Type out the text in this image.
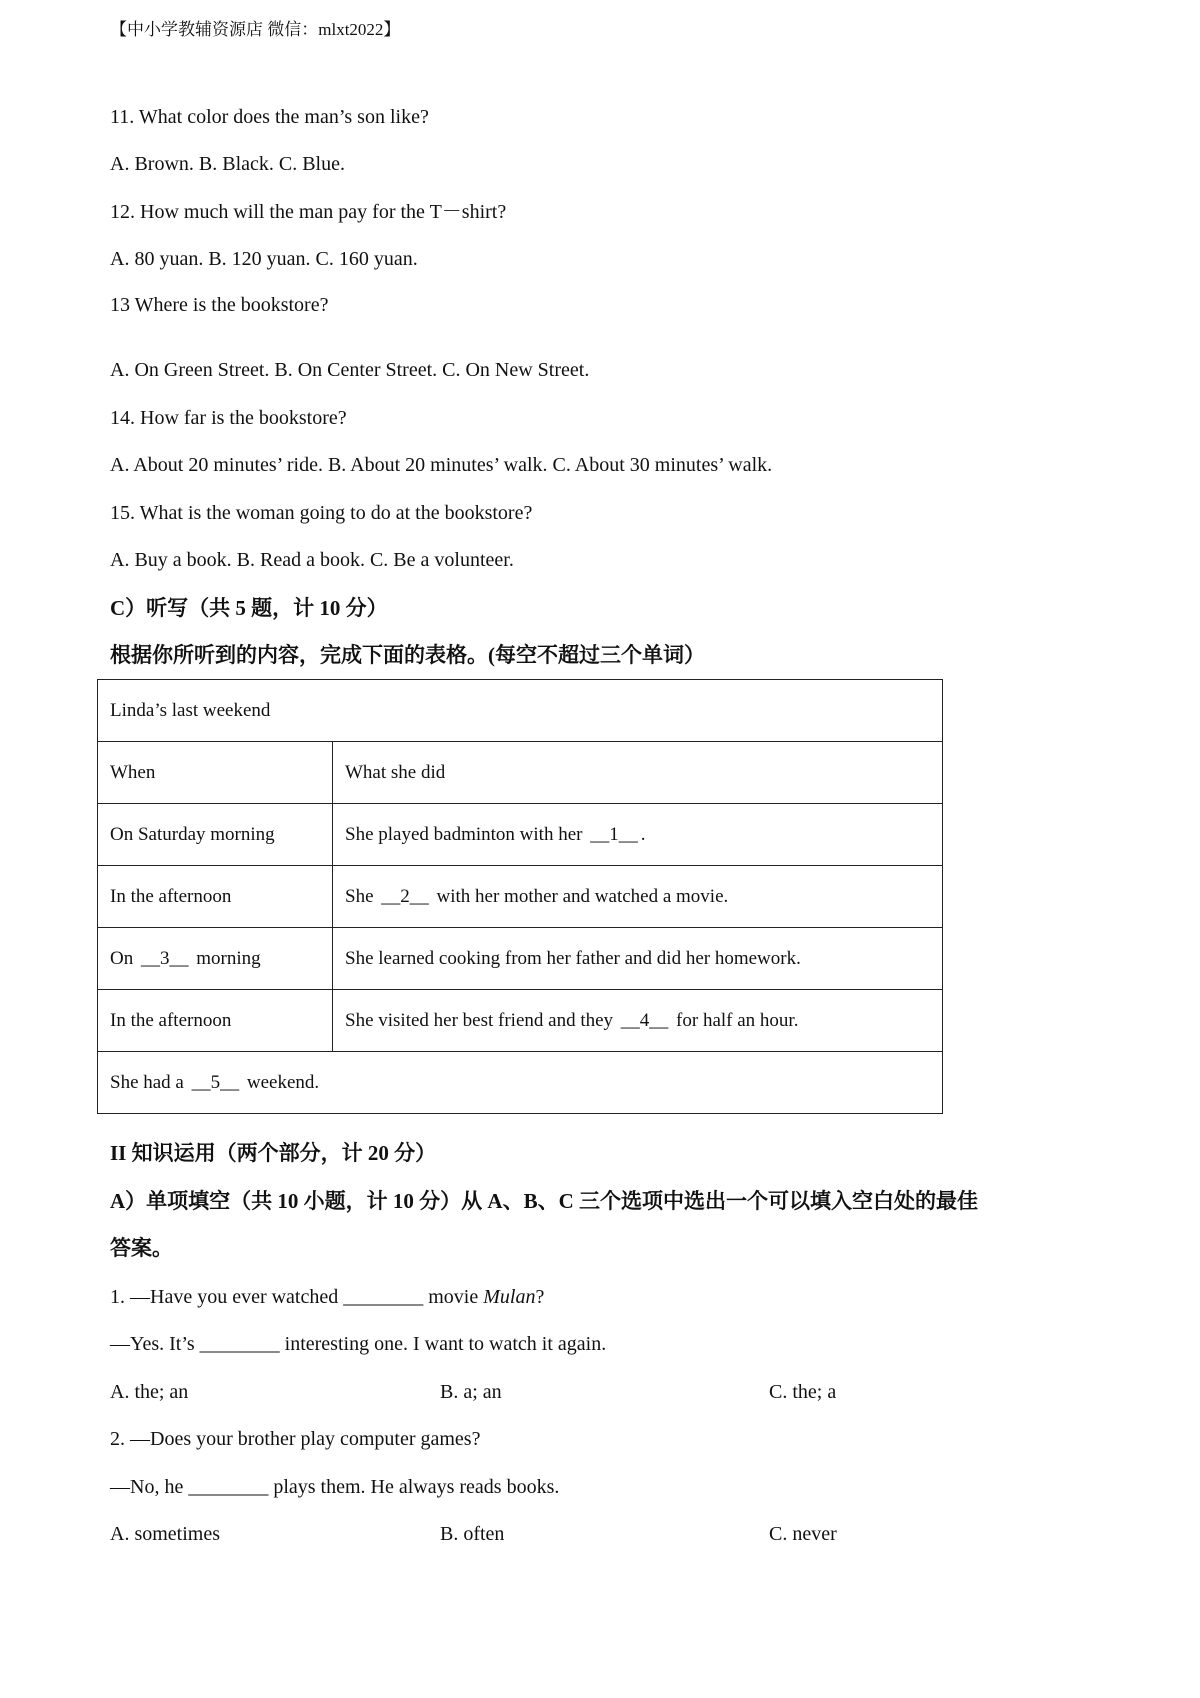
【中小学教辅资源店 微信：mlxt2022】
11. What color does the man’s son like?
A. Brown. B. Black. C. Blue.
12. How much will the man pay for the T－shirt?
A. 80 yuan. B. 120 yuan. C. 160 yuan.
13 Where is the bookstore?
A. On Green Street. B. On Center Street. C. On New Street.
14. How far is the bookstore?
A. About 20 minutes’ ride. B. About 20 minutes’ walk. C. About 30 minutes’ walk.
15. What is the woman going to do at the bookstore?
A. Buy a book. B. Read a book. C. Be a volunteer.
C）听写（共 5 题，计 10 分）
根据你所听到的内容，完成下面的表格。(每空不超过三个单词）
Linda’s last weekend	
When	What she did
On Saturday morning	She played badminton with her __1__ .
In the afternoon	She __2__ with her mother and watched a movie.
On __3__ morning	She learned cooking from her father and did her homework.
In the afternoon	She visited her best friend and they __4__ for half an hour.
She had a __5__ weekend.	
II 知识运用（两个部分，计 20 分）
A）单项填空（共 10 小题，计 10 分）从 A、B、C 三个选项中选出一个可以填入空白处的最佳
答案。
1. —Have you ever watched ________ movie Mulan?
—Yes. It’s ________ interesting one. I want to watch it again.
A. the; an	B. a; an	C. the; a
2. —Does your brother play computer games?
—No, he ________ plays them. He always reads books.
A. sometimes	B. often	C. never
